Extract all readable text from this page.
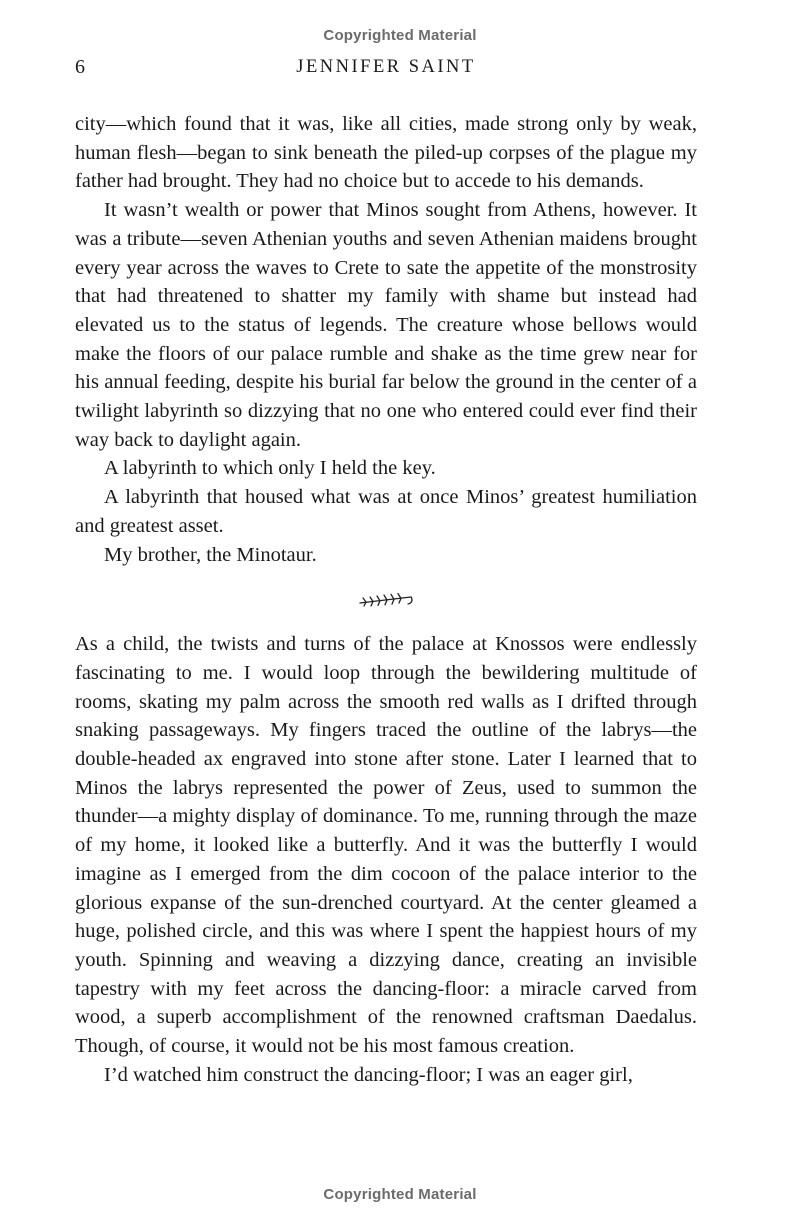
Copyrighted Material
6	JENNIFER SAINT

city—which found that it was, like all cities, made strong only by weak, human flesh—began to sink beneath the piled-up corpses of the plague my father had brought. They had no choice but to accede to his demands.

It wasn’t wealth or power that Minos sought from Athens, however. It was a tribute—seven Athenian youths and seven Athenian maidens brought every year across the waves to Crete to sate the appetite of the monstrosity that had threatened to shatter my family with shame but instead had elevated us to the status of legends. The creature whose bellows would make the floors of our palace rumble and shake as the time grew near for his annual feeding, despite his burial far below the ground in the center of a twilight labyrinth so dizzying that no one who entered could ever find their way back to daylight again.

A labyrinth to which only I held the key.

A labyrinth that housed what was at once Minos’ greatest humiliation and greatest asset.

My brother, the Minotaur.

As a child, the twists and turns of the palace at Knossos were endlessly fascinating to me. I would loop through the bewildering multitude of rooms, skating my palm across the smooth red walls as I drifted through snaking passageways. My fingers traced the outline of the labrys—the double-headed ax engraved into stone after stone. Later I learned that to Minos the labrys represented the power of Zeus, used to summon the thunder—a mighty display of dominance. To me, running through the maze of my home, it looked like a butterfly. And it was the butterfly I would imagine as I emerged from the dim cocoon of the palace interior to the glorious expanse of the sun-drenched courtyard. At the center gleamed a huge, polished circle, and this was where I spent the happiest hours of my youth. Spinning and weaving a dizzying dance, creating an invisible tapestry with my feet across the dancing-floor: a miracle carved from wood, a superb accomplishment of the renowned craftsman Daedalus. Though, of course, it would not be his most famous creation.

I’d watched him construct the dancing-floor; I was an eager girl,

Copyrighted Material
